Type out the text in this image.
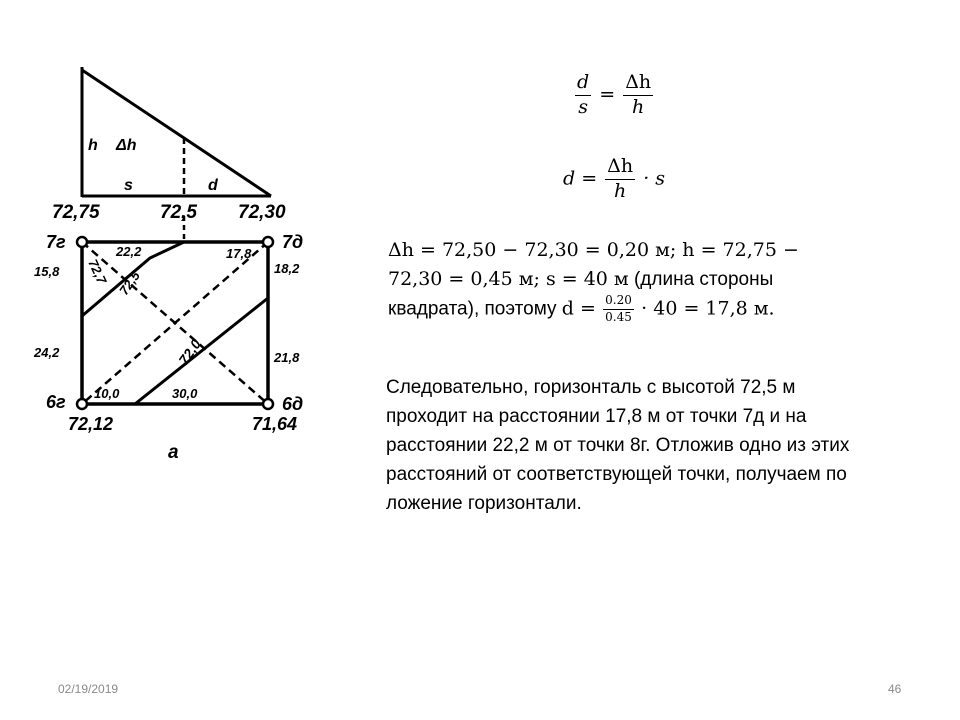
h Δh
s	d
72,75	72,5 72,30
7г	7д
6г	6д
72,12	71,64
22,2	17,8
15,8
24,2
18,2
21,8
10,0	30,0
72,7 72,5
72,0
а
$\frac{d}{s} = \frac{\Delta h}{h}$
$d = \frac{\Delta h}{h} \cdot s$
Δh = 72,50 − 72,30 = 0,20 м; h = 72,75 −
72,30 = 0,45 м; s = 40 м (длина стороны
квадрата), поэтому $d = \frac{0.20}{0.45} \cdot 40 = 17,8$ м.
Следовательно, горизонталь с высотой 72,5 м проходит на расстоянии 17,8 м от точки 7д и на расстоянии 22,2 м от точки 8г. Отложив одно из этих расстояний от соответствующей точки, получаем по ложение горизонтали.
02/19/2019	46
